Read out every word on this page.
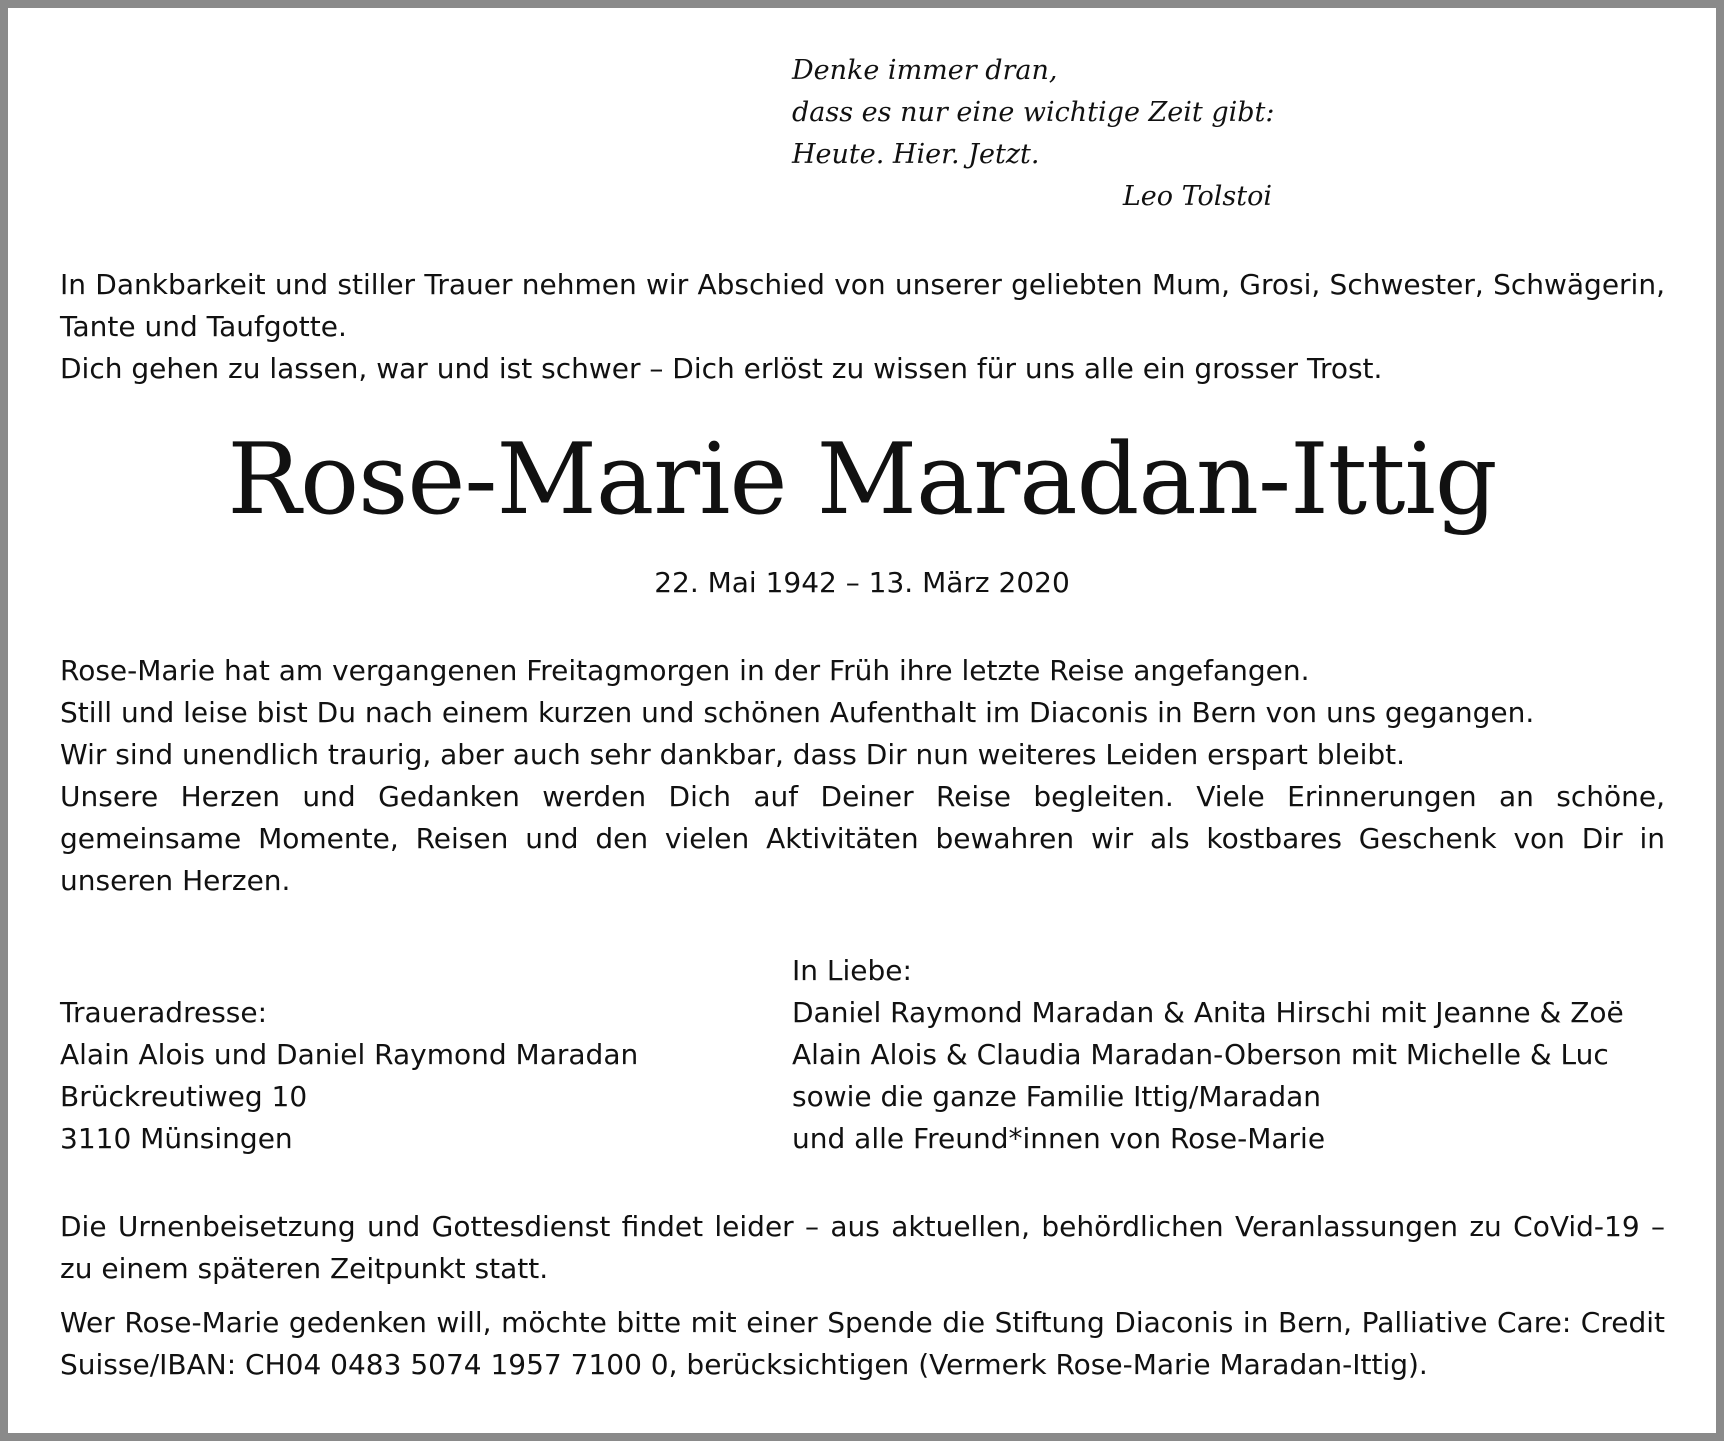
Denke immer dran,
dass es nur eine wichtige Zeit gibt:
Heute. Hier. Jetzt.
Leo Tolstoi
In Dankbarkeit und stiller Trauer nehmen wir Abschied von unserer geliebten Mum, Grosi, Schwester, Schwägerin, Tante und Taufgotte.
Dich gehen zu lassen, war und ist schwer – Dich erlöst zu wissen für uns alle ein grosser Trost.
Rose-Marie Maradan-Ittig
22. Mai 1942 – 13. März 2020
Rose-Marie hat am vergangenen Freitagmorgen in der Früh ihre letzte Reise angefangen.
Still und leise bist Du nach einem kurzen und schönen Aufenthalt im Diaconis in Bern von uns gegangen.
Wir sind unendlich traurig, aber auch sehr dankbar, dass Dir nun weiteres Leiden erspart bleibt.
Unsere Herzen und Gedanken werden Dich auf Deiner Reise begleiten. Viele Erinnerungen an schöne, gemeinsame Momente, Reisen und den vielen Aktivitäten bewahren wir als kostbares Geschenk von Dir in unseren Herzen.
Traueradresse:
Alain Alois und Daniel Raymond Maradan
Brückreutiweg 10
3110 Münsingen
In Liebe:
Daniel Raymond Maradan & Anita Hirschi mit Jeanne & Zoë
Alain Alois & Claudia Maradan-Oberson mit Michelle & Luc
sowie die ganze Familie Ittig/Maradan
und alle Freund*innen von Rose-Marie
Die Urnenbeisetzung und Gottesdienst findet leider – aus aktuellen, behördlichen Veranlassungen zu CoVid-19 – zu einem späteren Zeitpunkt statt.
Wer Rose-Marie gedenken will, möchte bitte mit einer Spende die Stiftung Diaconis in Bern, Palliative Care: Credit Suisse/IBAN: CH04 0483 5074 1957 7100 0, berücksichtigen (Vermerk Rose-Marie Maradan-Ittig).
